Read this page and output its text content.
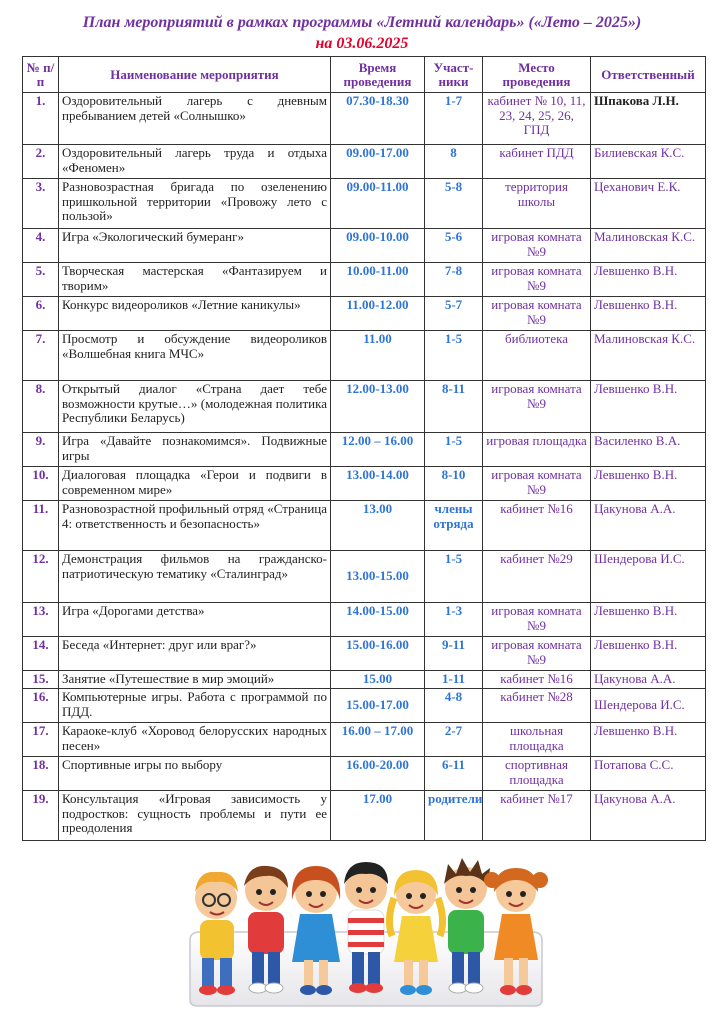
План мероприятий в рамках программы «Летний календарь» («Лето – 2025»)
на 03.06.2025
№ п/п	Наименование мероприятия	Время проведения	Участ-ники	Место проведения	Ответственный
1.	Оздоровительный лагерь с дневным пребыванием детей «Солнышко»	07.30-18.30	1-7	кабинет № 10, 11, 23, 24, 25, 26, ГПД	Шпакова Л.Н.
2.	Оздоровительный лагерь труда и отдыха «Феномен»	09.00-17.00	8	кабинет ПДД	Билиевская К.С.
3.	Разновозрастная бригада по озеленению пришкольной территории «Провожу лето с пользой»	09.00-11.00	5-8	территория школы	Цеханович Е.К.
4.	Игра «Экологический бумеранг»	09.00-10.00	5-6	игровая комната №9	Малиновская К.С.
5.	Творческая мастерская «Фантазируем и творим»	10.00-11.00	7-8	игровая комната №9	Левшенко В.Н.
6.	Конкурс видеороликов «Летние каникулы»	11.00-12.00	5-7	игровая комната №9	Левшенко В.Н.
7.	Просмотр и обсуждение видеороликов «Волшебная книга МЧС»	11.00	1-5	библиотека	Малиновская К.С.
8.	Открытый диалог «Страна дает тебе возможности крутые…» (молодежная политика Республики Беларусь)	12.00-13.00	8-11	игровая комната №9	Левшенко В.Н.
9.	Игра «Давайте познакомимся». Подвижные игры	12.00 – 16.00	1-5	игровая площадка	Василенко В.А.
10.	Диалоговая площадка «Герои и подвиги в современном мире»	13.00-14.00	8-10	игровая комната №9	Левшенко В.Н.
11.	Разновозрастной профильный отряд «Страница 4: ответственность и безопасность»	13.00	члены отряда	кабинет №16	Цакунова А.А.
12.	Демонстрация фильмов на гражданско-патриотическую тематику «Сталинград»	13.00-15.00	1-5	кабинет №29	Шендерова И.С.
13.	Игра «Дорогами детства»	14.00-15.00	1-3	игровая комната №9	Левшенко В.Н.
14.	Беседа «Интернет: друг или враг?»	15.00-16.00	9-11	игровая комната №9	Левшенко В.Н.
15.	Занятие «Путешествие в мир эмоций»	15.00	1-11	кабинет №16	Цакунова А.А.
16.	Компьютерные игры. Работа с программой по ПДД.	15.00-17.00	4-8	кабинет №28	Шендерова И.С.
17.	Караоке-клуб «Хоровод белорусских народных песен»	16.00 – 17.00	2-7	школьная площадка	Левшенко В.Н.
18.	Спортивные игры по выбору	16.00-20.00	6-11	спортивная площадка	Потапова С.С.
19.	Консультация «Игровая зависимость у подростков: сущность проблемы и пути ее преодоления	17.00	родители	кабинет №17	Цакунова А.А.
